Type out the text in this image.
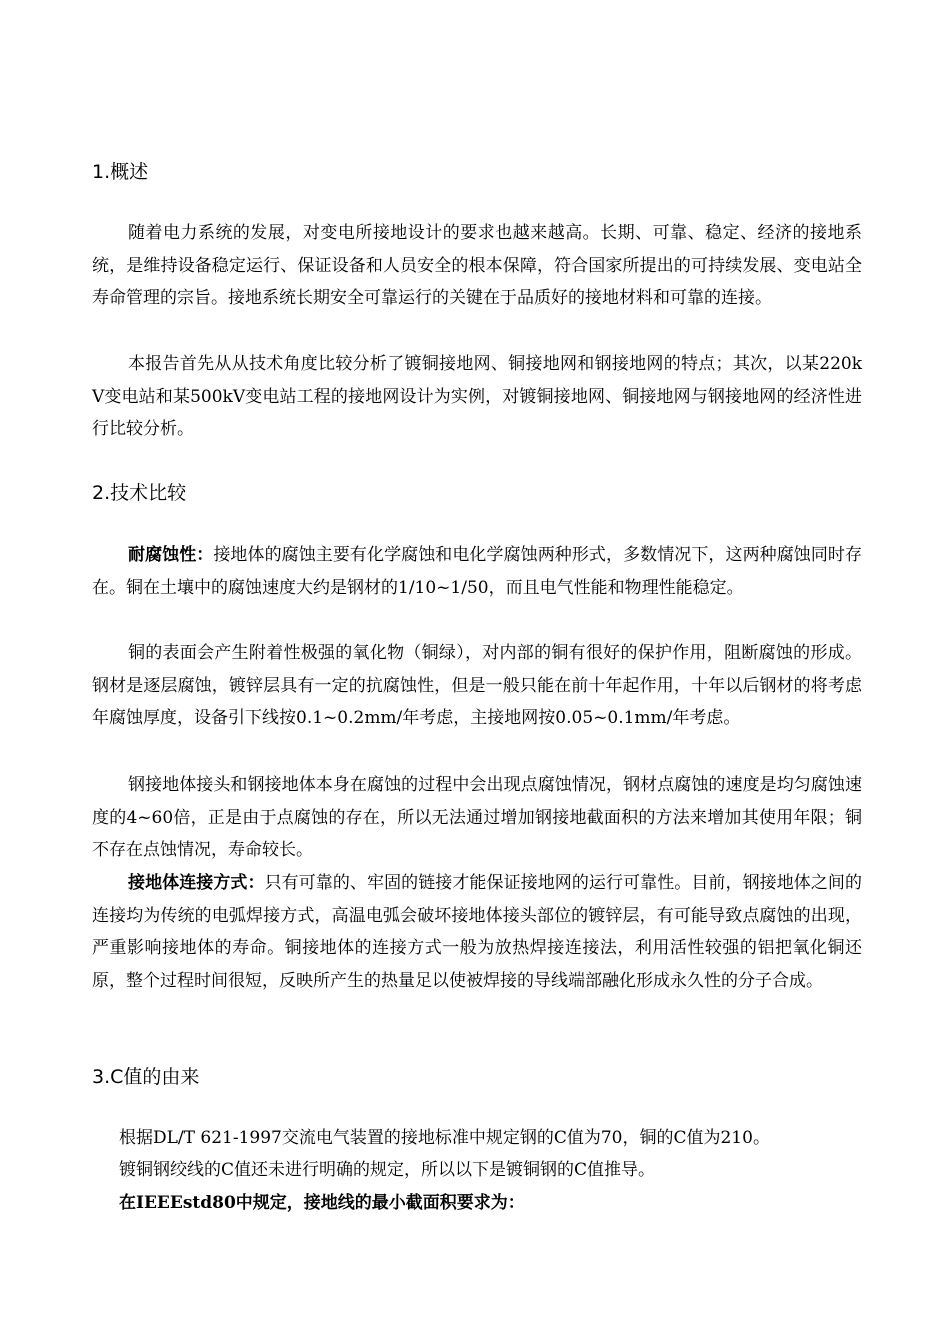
1.概述

随着电力系统的发展，对变电所接地设计的要求也越来越高。长期、可靠、稳定、经济的接地系统，是维持设备稳定运行、保证设备和人员安全的根本保障，符合国家所提出的可持续发展、变电站全寿命管理的宗旨。接地系统长期安全可靠运行的关键在于品质好的接地材料和可靠的连接。

本报告首先从从技术角度比较分析了镀铜接地网、铜接地网和钢接地网的特点；其次，以某220kV变电站和某500kV变电站工程的接地网设计为实例，对镀铜接地网、铜接地网与钢接地网的经济性进行比较分析。

2.技术比较

耐腐蚀性：接地体的腐蚀主要有化学腐蚀和电化学腐蚀两种形式，多数情况下，这两种腐蚀同时存在。铜在土壤中的腐蚀速度大约是钢材的1/10~1/50，而且电气性能和物理性能稳定。

铜的表面会产生附着性极强的氧化物（铜绿），对内部的铜有很好的保护作用，阻断腐蚀的形成。钢材是逐层腐蚀，镀锌层具有一定的抗腐蚀性，但是一般只能在前十年起作用，十年以后钢材的将考虑年腐蚀厚度，设备引下线按0.1~0.2mm/年考虑，主接地网按0.05~0.1mm/年考虑。

钢接地体接头和钢接地体本身在腐蚀的过程中会出现点腐蚀情况，钢材点腐蚀的速度是均匀腐蚀速度的4~60倍，正是由于点腐蚀的存在，所以无法通过增加钢接地截面积的方法来增加其使用年限；铜不存在点蚀情况，寿命较长。

接地体连接方式：只有可靠的、牢固的链接才能保证接地网的运行可靠性。目前，钢接地体之间的连接均为传统的电弧焊接方式，高温电弧会破坏接地体接头部位的镀锌层，有可能导致点腐蚀的出现，严重影响接地体的寿命。铜接地体的连接方式一般为放热焊接连接法，利用活性较强的铝把氧化铜还原，整个过程时间很短，反映所产生的热量足以使被焊接的导线端部融化形成永久性的分子合成。

3.C值的由来

根据DL/T 621-1997交流电气装置的接地标准中规定钢的C值为70，铜的C值为210。

镀铜钢绞线的C值还未进行明确的规定，所以以下是镀铜钢的C值推导。

在IEEEstd80中规定，接地线的最小截面积要求为：
